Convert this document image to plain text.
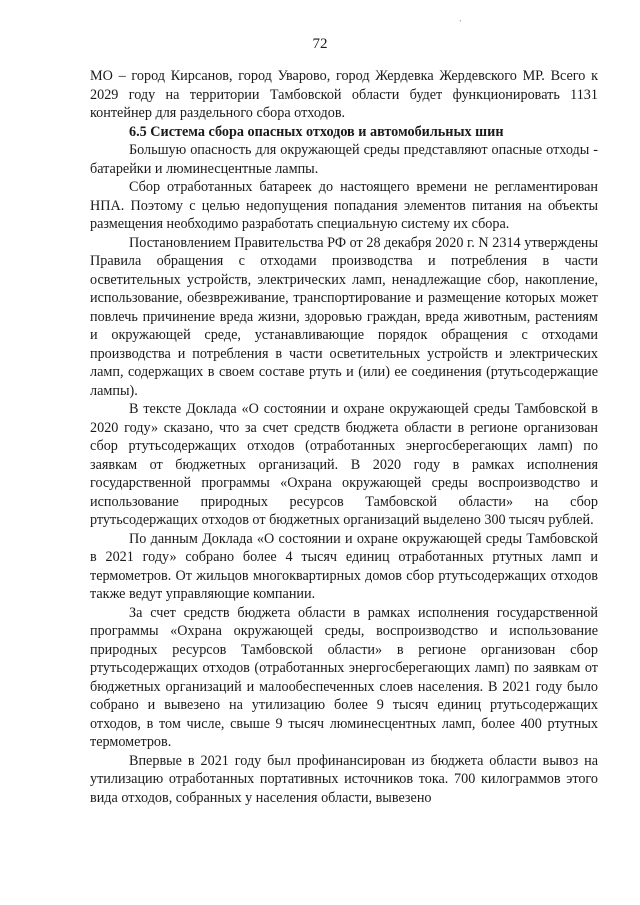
ˑ
72

МО – город Кирсанов, город Уварово, город Жердевка Жердевского МР. Всего к 2029 году на территории Тамбовской области будет функционировать 1131 контейнер для раздельного сбора отходов.

6.5 Система сбора опасных отходов и автомобильных шин

Большую опасность для окружающей среды представляют опасные отходы - батарейки и люминесцентные лампы.

Сбор отработанных батареек до настоящего времени не регламентирован НПА. Поэтому с целью недопущения попадания элементов питания на объекты размещения необходимо разработать специальную систему их сбора.

Постановлением Правительства РФ от 28 декабря 2020 г. N 2314 утверждены Правила обращения с отходами производства и потребления в части осветительных устройств, электрических ламп, ненадлежащие сбор, накопление, использование, обезвреживание, транспортирование и размещение которых может повлечь причинение вреда жизни, здоровью граждан, вреда животным, растениям и окружающей среде, устанавливающие порядок обращения с отходами производства и потребления в части осветительных устройств и электрических ламп, содержащих в своем составе ртуть и (или) ее соединения (ртутьсодержащие лампы).

В тексте Доклада «О состоянии и охране окружающей среды Тамбовской в 2020 году» сказано, что за счет средств бюджета области в регионе организован сбор ртутьсодержащих отходов (отработанных энергосберегающих ламп) по заявкам от бюджетных организаций. В 2020 году в рамках исполнения государственной программы «Охрана окружающей среды воспроизводство и использование природных ресурсов Тамбовской области» на сбор ртутьсодержащих отходов от бюджетных организаций выделено 300 тысяч рублей.

По данным Доклада «О состоянии и охране окружающей среды Тамбовской в 2021 году» собрано более 4 тысяч единиц отработанных ртутных ламп и термометров. От жильцов многоквартирных домов сбор ртутьсодержащих отходов также ведут управляющие компании.

За счет средств бюджета области в рамках исполнения государственной программы «Охрана окружающей среды, воспроизводство и использование природных ресурсов Тамбовской области» в регионе организован сбор ртутьсодержащих отходов (отработанных энергосберегающих ламп) по заявкам от бюджетных организаций и малообеспеченных слоев населения. В 2021 году было собрано и вывезено на утилизацию более 9 тысяч единиц ртутьсодержащих отходов, в том числе, свыше 9 тысяч люминесцентных ламп, более 400 ртутных термометров.

Впервые в 2021 году был профинансирован из бюджета области вывоз на утилизацию отработанных портативных источников тока. 700 килограммов этого вида отходов, собранных у населения области, вывезено
